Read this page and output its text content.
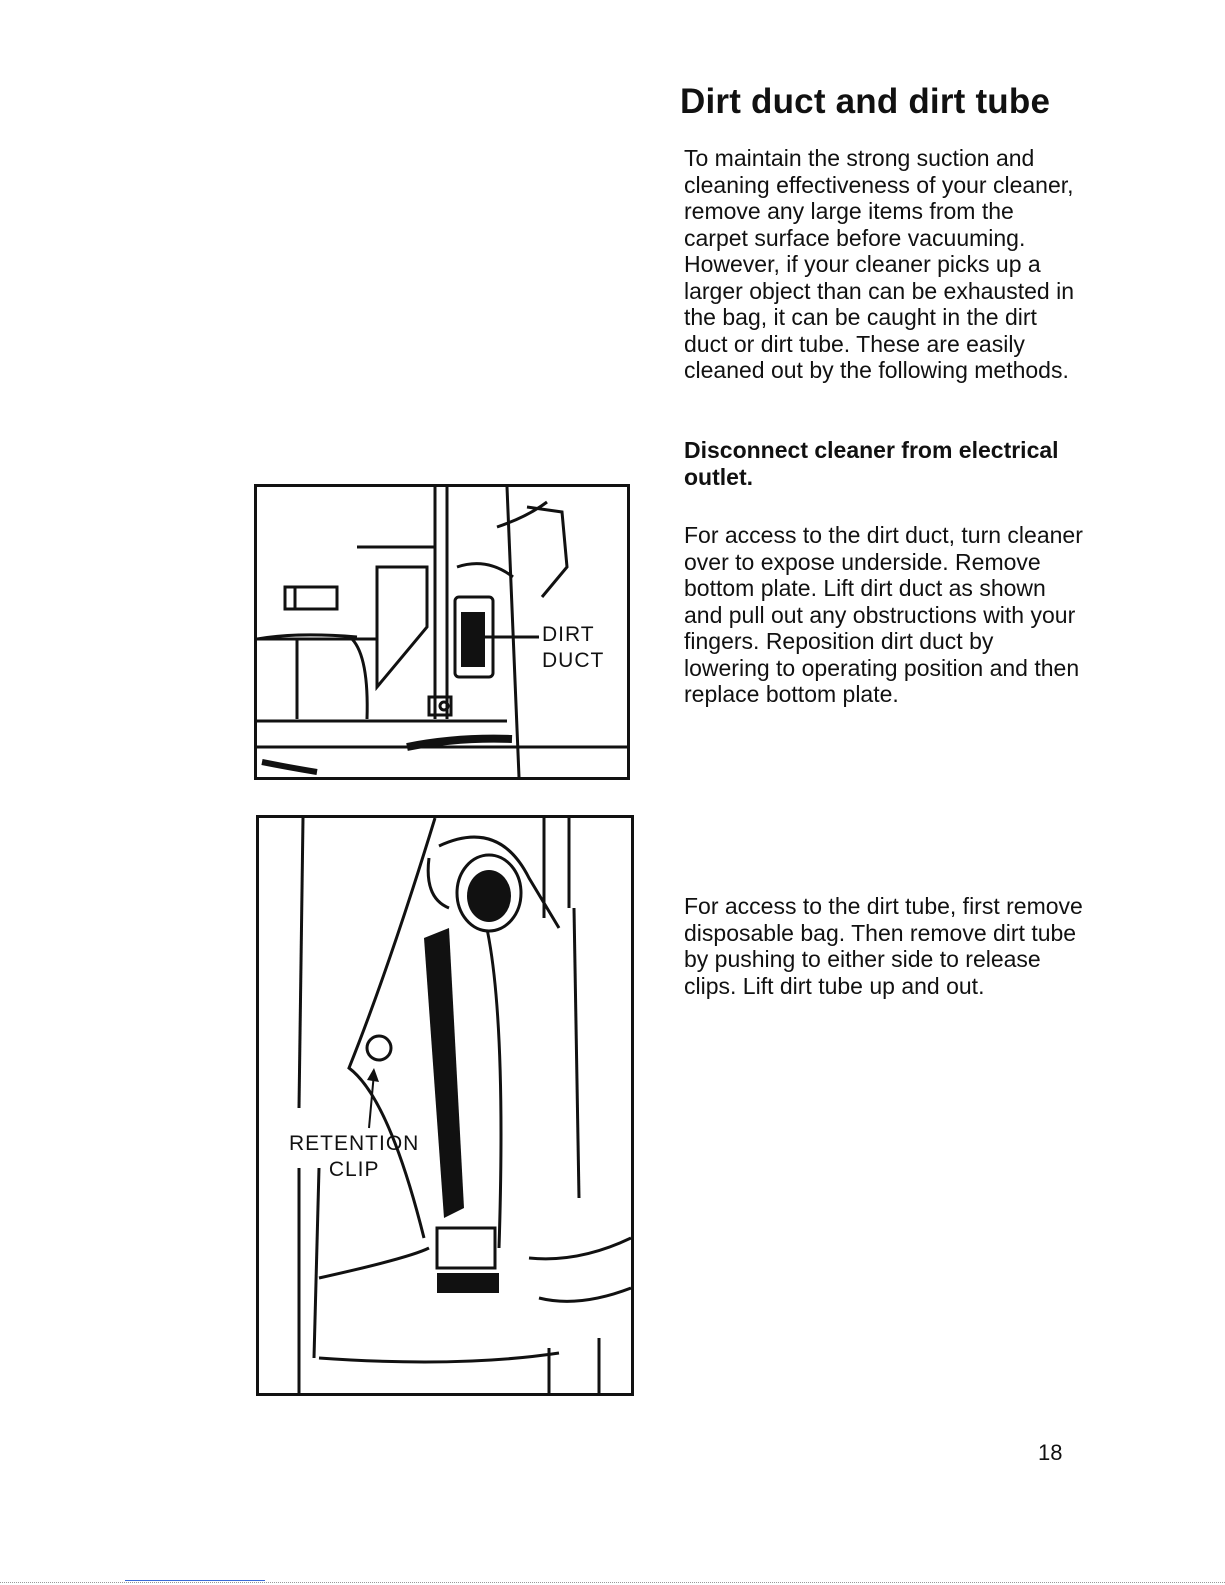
Dirt duct and dirt tube

To maintain the strong suction and cleaning effectiveness of your cleaner, remove any large items from the carpet surface before vacuuming. However, if your cleaner picks up a larger object than can be exhausted in the bag, it can be caught in the dirt duct or dirt tube. These are easily cleaned out by the following methods.

Disconnect cleaner from electrical outlet.

For access to the dirt duct, turn cleaner over to expose underside. Remove bottom plate. Lift dirt duct as shown and pull out any obstructions with your fingers. Reposition dirt duct by lowering to operating position and then replace bottom plate.

For access to the dirt tube, first remove disposable bag. Then remove dirt tube by pushing to either side to release clips. Lift dirt tube up and out.

DIRT
DUCT
RETENTION
CLIP
18
